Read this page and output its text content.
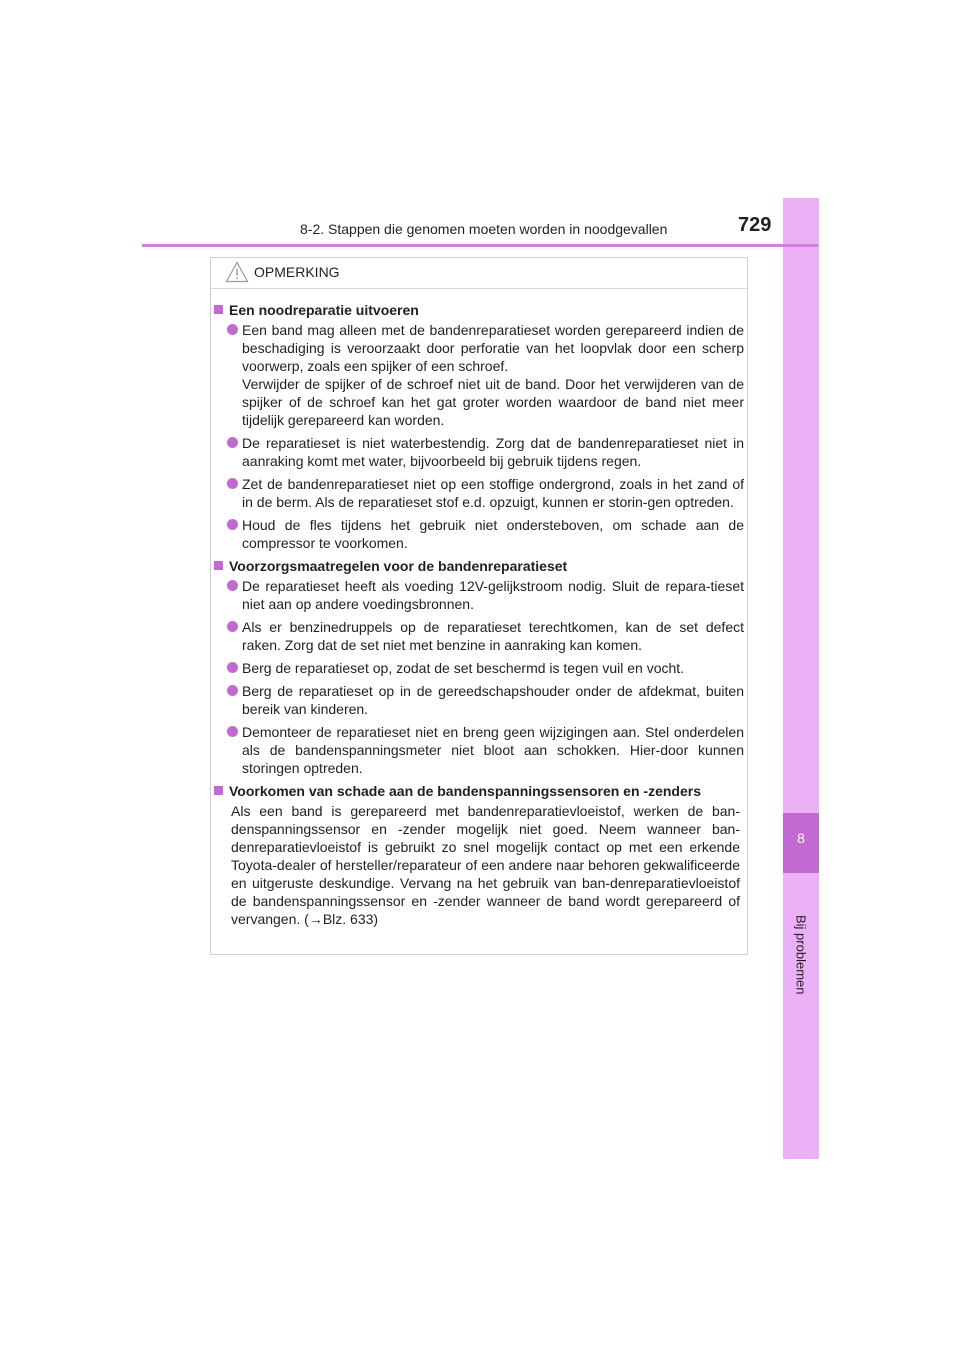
8
Bij problemen
8-2. Stappen die genomen moeten worden in noodgevallen	729
OPMERKING
Een noodreparatie uitvoeren
Een band mag alleen met de bandenreparatieset worden gerepareerd indien de beschadiging is veroorzaakt door perforatie van het loopvlak door een scherp voorwerp, zoals een spijker of een schroef.
Verwijder de spijker of de schroef niet uit de band. Door het verwijderen van de spijker of de schroef kan het gat groter worden waardoor de band niet meer tijdelijk gerepareerd kan worden.
De reparatieset is niet waterbestendig. Zorg dat de bandenreparatieset niet in aanraking komt met water, bijvoorbeeld bij gebruik tijdens regen.
Zet de bandenreparatieset niet op een stoffige ondergrond, zoals in het zand of in de berm. Als de reparatieset stof e.d. opzuigt, kunnen er storin-gen optreden.
Houd de fles tijdens het gebruik niet ondersteboven, om schade aan de compressor te voorkomen.
Voorzorgsmaatregelen voor de bandenreparatieset
De reparatieset heeft als voeding 12V-gelijkstroom nodig. Sluit de repara-tieset niet aan op andere voedingsbronnen.
Als er benzinedruppels op de reparatieset terechtkomen, kan de set defect raken. Zorg dat de set niet met benzine in aanraking kan komen.
Berg de reparatieset op, zodat de set beschermd is tegen vuil en vocht.
Berg de reparatieset op in de gereedschapshouder onder de afdekmat, buiten bereik van kinderen.
Demonteer de reparatieset niet en breng geen wijzigingen aan. Stel onderdelen als de bandenspanningsmeter niet bloot aan schokken. Hier-door kunnen storingen optreden.
Voorkomen van schade aan de bandenspanningssensoren en -zenders
Als een band is gerepareerd met bandenreparatievloeistof, werken de ban-denspanningssensor en -zender mogelijk niet goed. Neem wanneer ban-denreparatievloeistof is gebruikt zo snel mogelijk contact op met een erkende Toyota-dealer of hersteller/reparateur of een andere naar behoren gekwalificeerde en uitgeruste deskundige. Vervang na het gebruik van ban-denreparatievloeistof de bandenspanningssensor en -zender wanneer de band wordt gerepareerd of vervangen. (→Blz. 633)
